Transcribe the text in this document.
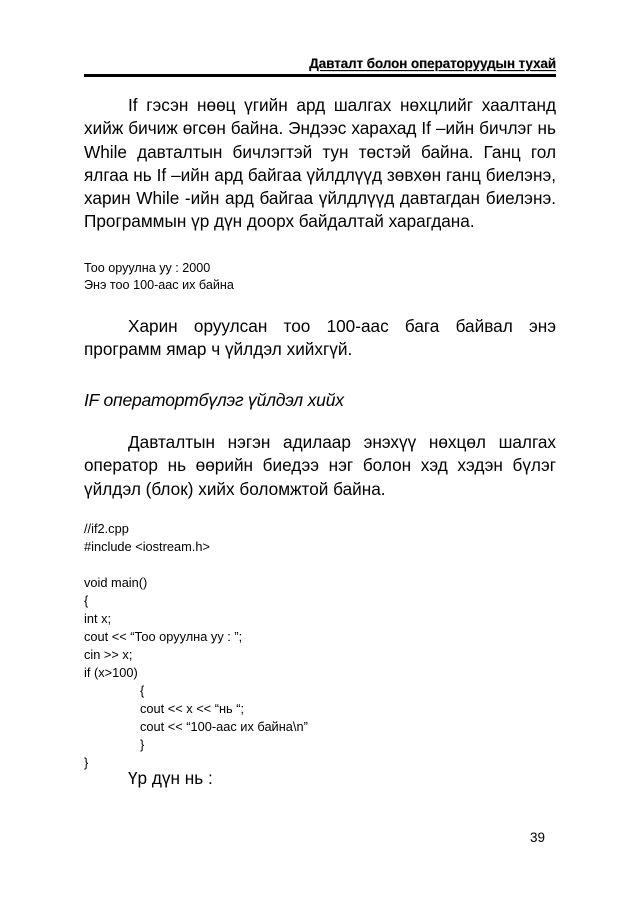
Давталт болон операторуудын тухай

If гэсэн нөөц үгийн ард шалгах нөхцлийг хаалтанд хийж бичиж өгсөн байна. Эндээс харахад If –ийн бичлэг нь While давталтын бичлэгтэй тун төстэй байна. Ганц гол ялгаа нь If –ийн ард байгаа үйлдлүүд зөвхөн ганц биелэнэ, харин While -ийн ард байгаа үйлдлүүд давтагдан биелэнэ. Программын үр дүн доорх байдалтай харагдана.

Тоо оруулна уу : 2000
Энэ тоо 100-аас их байна

Харин оруулсан тоо 100-аас бага байвал энэ программ ямар ч үйлдэл хийхгүй.

IF оператортбүлэг үйлдэл хийх

Давталтын нэгэн адилаар энэхүү нөхцөл шалгах оператор нь өөрийн биедээ нэг болон хэд хэдэн бүлэг үйлдэл (блок) хийх боломжтой байна.

//if2.cpp
#include <iostream.h>
void main()
{
int x;
cout << “Тоо оруулна уу : ”;
cin >> x;
if (x>100)
{
cout << x << “нь “;
cout << “100-аас их байна\n”
}
}

Үр дүн нь :

39
